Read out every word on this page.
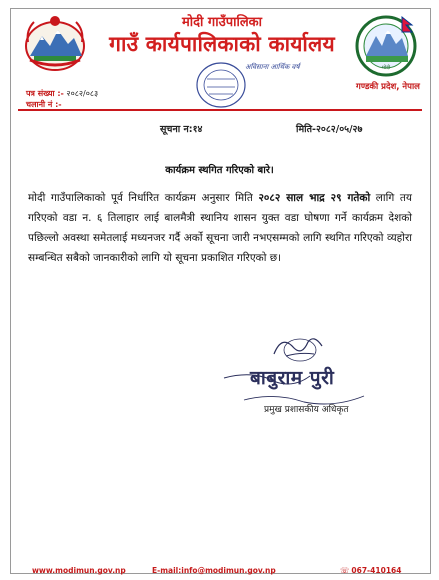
मोदी गाउँपालिका
गाउँ कार्यपालिकाको कार्यालय
मोदी
गण्डकी प्रदेश, नेपाल
अविसाना आर्थिक वर्ष
पत्र संख्या :- २०८२/०८३
चलानी नं :-
सूचना न:१४	मिति-२०८२/०५/२७
कार्यक्रम स्थगित गरिएको बारे।
मोदी गाउँपालिकाको पूर्व निर्धारित कार्यक्रम अनुसार मिति २०८२ साल भाद्र २९ गतेको लागि तय गरिएको वडा न. ६ तिलाहार लाई बालमैत्री स्थानिय शासन युक्त वडा घोषणा गर्ने कार्यक्रम देशको पछिल्लो अवस्था समेतलाई मध्यनजर गर्दै अर्को सूचना जारी नभएसम्मको लागि स्थगित गरिएको व्यहोरा सम्बन्धित सबैको जानकारीको लागि यो सूचना प्रकाशित गरिएको छ।
बाबुराम पुरी
प्रमुख प्रशासकीय अधिकृत
www.modimun.gov.np	E-mail:info@modimun.gov.np	☏ 067-410164
